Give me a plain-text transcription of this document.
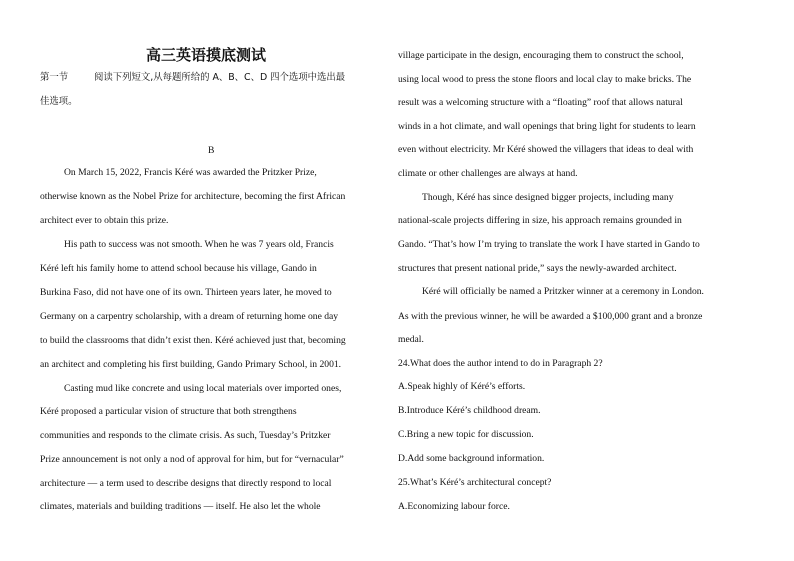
高三英语摸底测试
第一节	阅读下列短文,从每题所给的 A、B、C、D 四个选项中选出最
佳选项。
B
On March 15, 2022, Francis Kéré was awarded the Pritzker Prize,
otherwise known as the Nobel Prize for architecture, becoming the first African
architect ever to obtain this prize.
His path to success was not smooth. When he was 7 years old, Francis
Kéré left his family home to attend school because his village, Gando in
Burkina Faso, did not have one of its own. Thirteen years later, he moved to
Germany on a carpentry scholarship, with a dream of returning home one day
to build the classrooms that didn’t exist then. Kéré achieved just that, becoming
an architect and completing his first building, Gando Primary School, in 2001.
Casting mud like concrete and using local materials over imported ones,
Kéré proposed a particular vision of structure that both strengthens
communities and responds to the climate crisis. As such, Tuesday’s Pritzker
Prize announcement is not only a nod of approval for him, but for “vernacular”
architecture — a term used to describe designs that directly respond to local
climates, materials and building traditions — itself. He also let the whole
village participate in the design, encouraging them to construct the school,
using local wood to press the stone floors and local clay to make bricks. The
result was a welcoming structure with a “floating” roof that allows natural
winds in a hot climate, and wall openings that bring light for students to learn
even without electricity. Mr Kéré showed the villagers that ideas to deal with
climate or other challenges are always at hand.
Though, Kéré has since designed bigger projects, including many
national-scale projects differing in size, his approach remains grounded in
Gando. “That’s how I’m trying to translate the work I have started in Gando to
structures that present national pride,” says the newly-awarded architect.
Kéré will officially be named a Pritzker winner at a ceremony in London.
As with the previous winner, he will be awarded a $100,000 grant and a bronze
medal.
24.What does the author intend to do in Paragraph 2?
A.Speak highly of Kéré’s efforts.
B.Introduce Kéré’s childhood dream.
C.Bring a new topic for discussion.
D.Add some background information.
25.What’s Kéré’s architectural concept?
A.Economizing labour force.
